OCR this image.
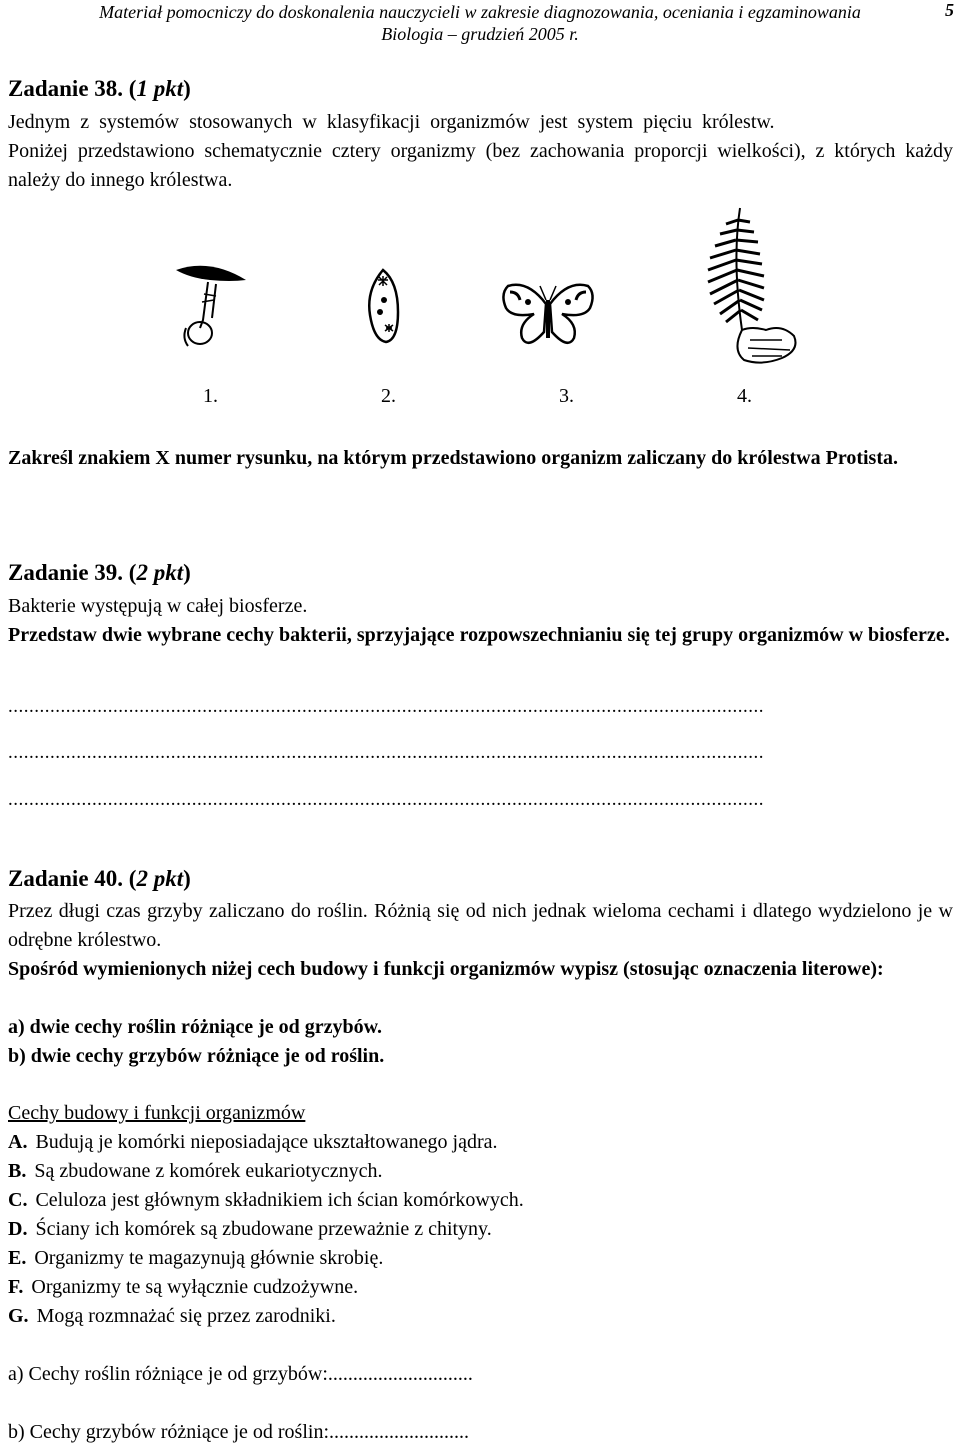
Materiał pomocniczy do doskonalenia nauczycieli w zakresie diagnozowania, oceniania i egzaminowania	5
Biologia – grudzień 2005 r.
Zadanie 38. (1 pkt)
Jednym z systemów stosowanych w klasyfikacji organizmów jest system pięciu królestw.
Poniżej przedstawiono schematycznie cztery organizmy (bez zachowania proporcji wielkości), z których każdy należy do innego królestwa.
1.	2.	3.	4.
Zakreśl znakiem X numer rysunku, na którym przedstawiono organizm zaliczany do królestwa Protista.
Zadanie 39. (2 pkt)
Bakterie występują w całej biosferze.
Przedstaw dwie wybrane cechy bakterii, sprzyjające rozpowszechnianiu się tej grupy organizmów w biosferze.
................................................................................................................................................
................................................................................................................................................
................................................................................................................................................
Zadanie 40. (2 pkt)
Przez długi czas grzyby zaliczano do roślin. Różnią się od nich jednak wieloma cechami i dlatego wydzielono je w odrębne królestwo.
Spośród wymienionych niżej cech budowy i funkcji organizmów wypisz (stosując oznaczenia literowe):
a) dwie cechy roślin różniące je od grzybów.
b) dwie cechy grzybów różniące je od roślin.
Cechy budowy i funkcji organizmów
A. Budują je komórki nieposiadające ukształtowanego jądra.
B. Są zbudowane z komórek eukariotycznych.
C. Celuloza jest głównym składnikiem ich ścian komórkowych.
D. Ściany ich komórek są zbudowane przeważnie z chityny.
E. Organizmy te magazynują głównie skrobię.
F. Organizmy te są wyłącznie cudzożywne.
G. Mogą rozmnażać się przez zarodniki.
a) Cechy roślin różniące je od grzybów:.............................
b) Cechy grzybów różniące je od roślin:............................
